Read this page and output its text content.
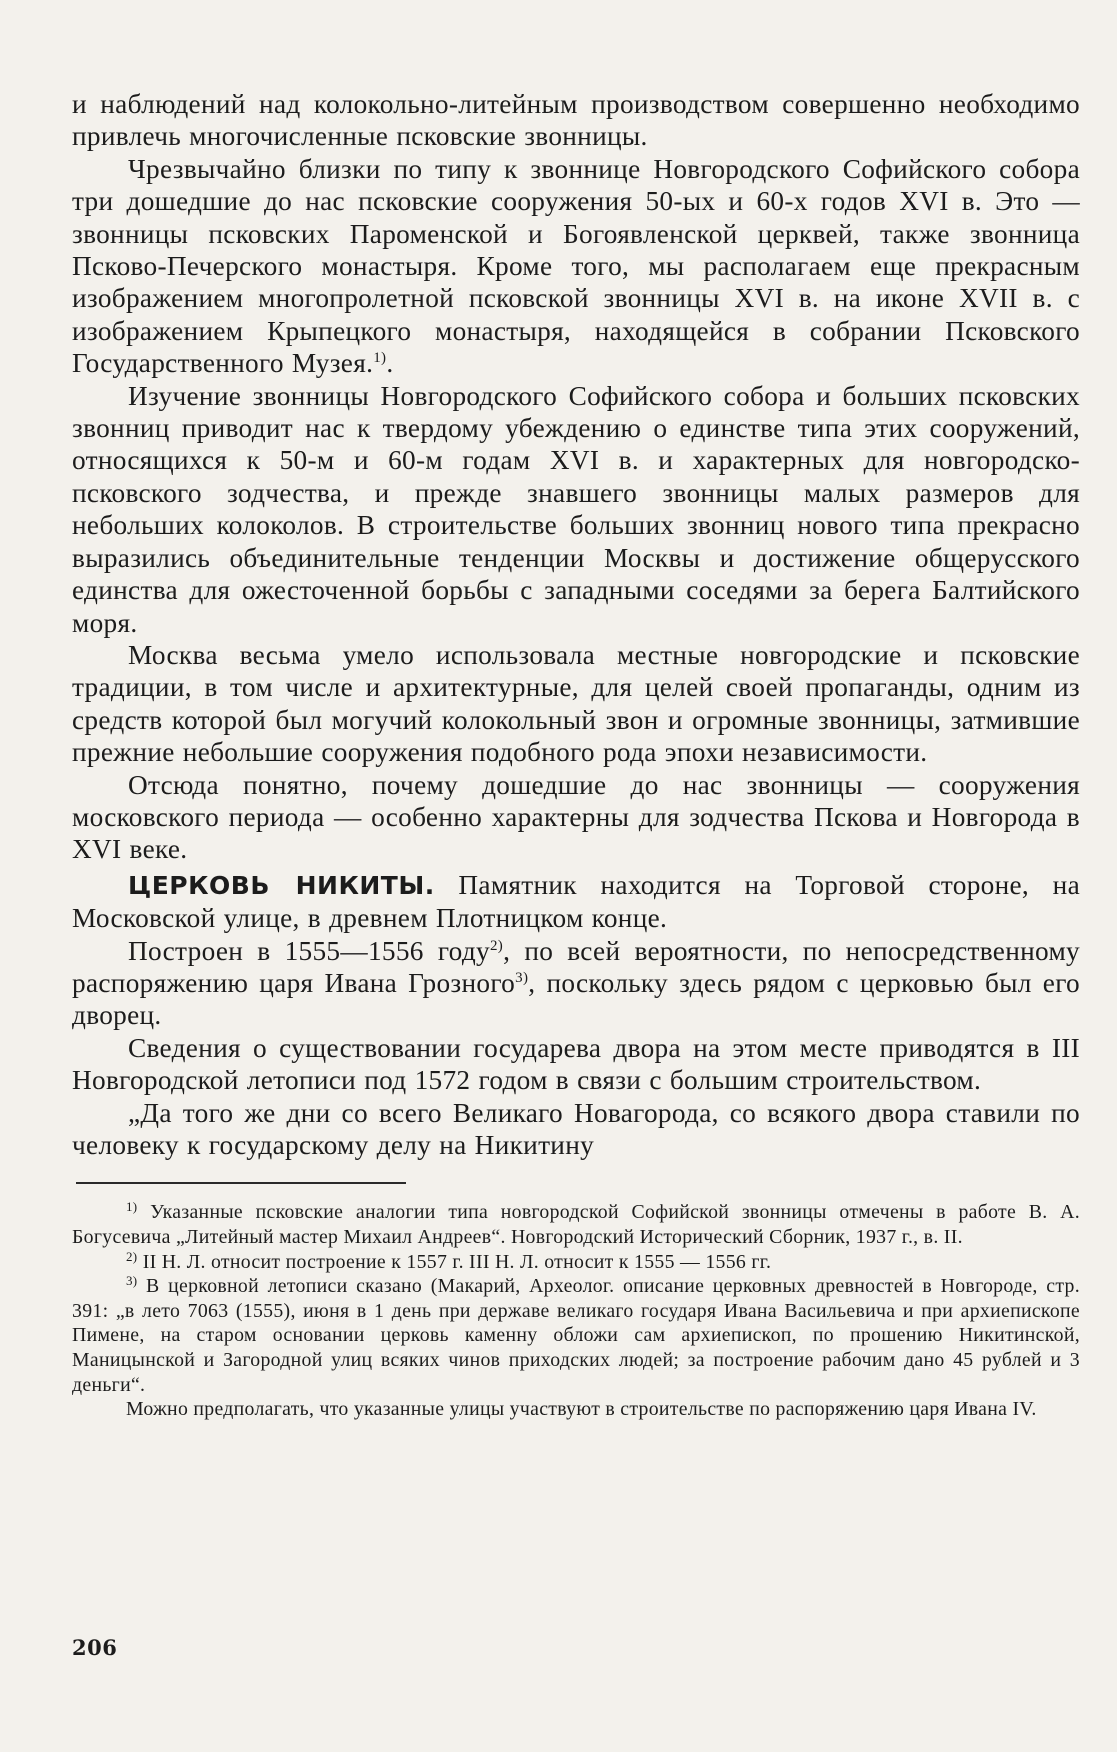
и наблюдений над колокольно-литейным производством совершенно необходимо привлечь многочисленные псковские звонницы.

Чрезвычайно близки по типу к звоннице Новгородского Софийского собора три дошедшие до нас псковские сооружения 50-ых и 60-х годов XVI в. Это — звонницы псковских Пароменской и Богоявленской церквей, также звонница Псково-Печерского монастыря. Кроме того, мы располагаем еще прекрасным изображением многопролетной псковской звонницы XVI в. на иконе XVII в. с изображением Крыпецкого монастыря, находящейся в собрании Псковского Государственного Музея.$^{1)}$.

Изучение звонницы Новгородского Софийского собора и больших псковских звонниц приводит нас к твердому убеждению о единстве типа этих сооружений, относящихся к 50-м и 60-м годам XVI в. и характерных для новгородско-псковского зодчества, и прежде знавшего звонницы малых размеров для небольших колоколов. В строительстве больших звонниц нового типа прекрасно выразились объединительные тенденции Москвы и достижение общерусского единства для ожесточенной борьбы с западными соседями за берега Балтийского моря.

Москва весьма умело использовала местные новгородские и псковские традиции, в том числе и архитектурные, для целей своей пропаганды, одним из средств которой был могучий колокольный звон и огромные звонницы, затмившие прежние небольшие сооружения подобного рода эпохи независимости.

Отсюда понятно, почему дошедшие до нас звонницы — сооружения московского периода — особенно характерны для зодчества Пскова и Новгорода в XVI веке.

ЦЕРКОВЬ НИКИТЫ. Памятник находится на Торговой стороне, на Московской улице, в древнем Плотницком конце.

Построен в 1555—1556 году$^{2)}$, по всей вероятности, по непосредственному распоряжению царя Ивана Грозного$^{3)}$, поскольку здесь рядом с церковью был его дворец.

Сведения о существовании государева двора на этом месте приводятся в III Новгородской летописи под 1572 годом в связи с большим строительством.

„Да того же дни со всего Великаго Новагорода, со всякого двора ставили по человеку к государскому делу на Никитину

$^{1)}$ Указанные псковские аналогии типа новгородской Софийской звонницы отмечены в работе В. А. Богусевича „Литейный мастер Михаил Андреев“. Новгородский Исторический Сборник, 1937 г., в. II.

$^{2)}$ II Н. Л. относит построение к 1557 г. III Н. Л. относит к 1555 — 1556 гг.

$^{3)}$ В церковной летописи сказано (Макарий, Археолог. описание церковных древностей в Новгороде, стр. 391: „в лето 7063 (1555), июня в 1 день при державе великаго государя Ивана Васильевича и при архиепископе Пимене, на старом основании церковь каменну обложи сам архиепископ, по прошению Никитинской, Маницынской и Загородной улиц всяких чинов приходских людей; за построение рабочим дано 45 рублей и 3 деньги“.

Можно предполагать, что указанные улицы участвуют в строительстве по распоряжению царя Ивана IV.

206
